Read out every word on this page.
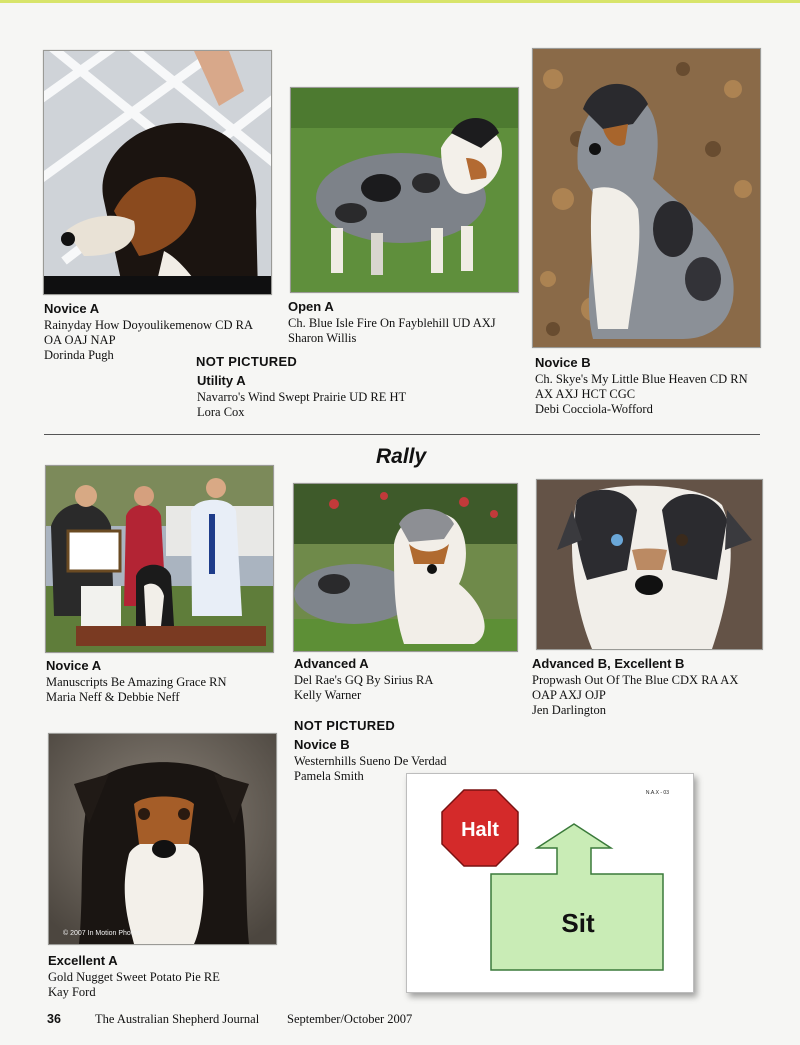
Novice A
Rainyday How Doyoulikemenow CD RA
OA OAJ NAP
Dorinda Pugh
Open A
Ch. Blue Isle Fire On Fayblehill UD AXJ
Sharon Willis
Novice B
Ch. Skye's My Little Blue Heaven CD RN
AX AXJ HCT CGC
Debi Cocciola-Wofford
NOT PICTURED
Utility A
Navarro's Wind Swept Prairie UD RE HT
Lora Cox
Rally
Novice A
Manuscripts Be Amazing Grace RN
Maria Neff & Debbie Neff
Advanced A
Del Rae's GQ By Sirius RA
Kelly Warner
Advanced B, Excellent B
Propwash Out Of The Blue CDX RA AX
OAP AXJ OJP
Jen Darlington
NOT PICTURED
Novice B
Westernhills Sueno De Verdad
Pamela Smith
© 2007 In Motion Photos
Excellent A
Gold Nugget Sweet Potato Pie RE
Kay Ford
N.A.X - 03
Halt
Sit
36	The Australian Shepherd Journal September/October 2007
